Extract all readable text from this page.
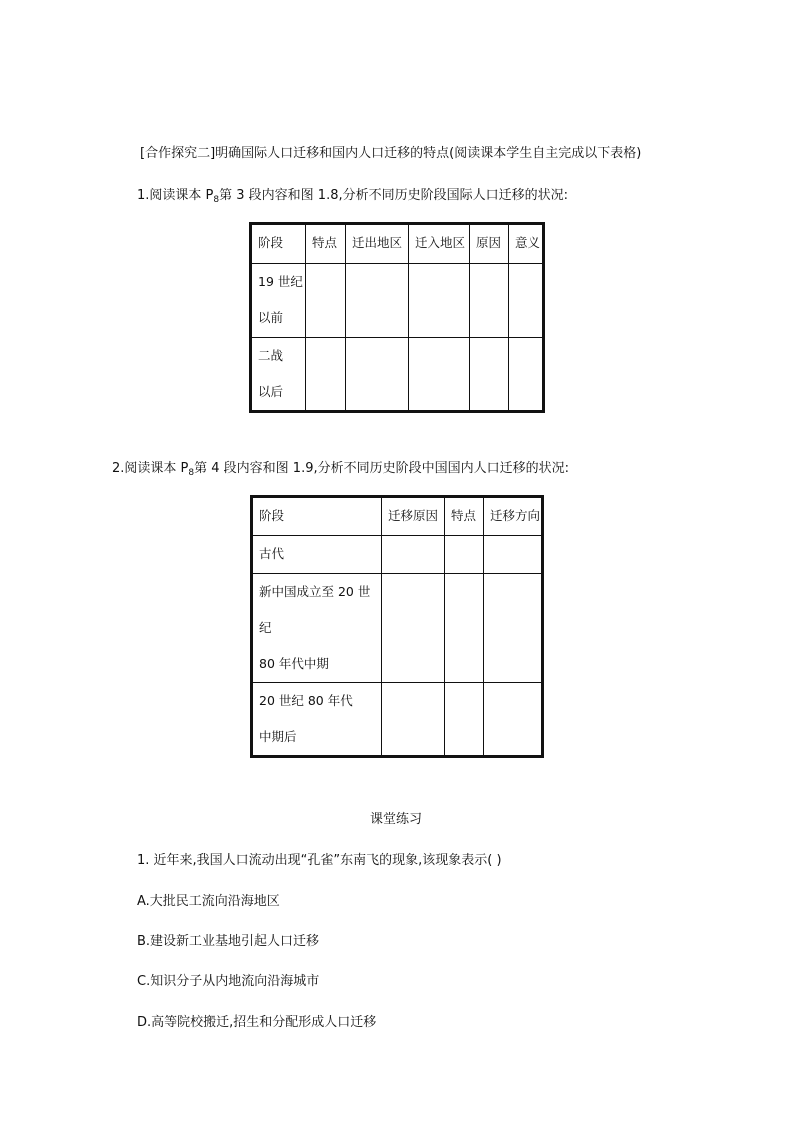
[合作探究二]明确国际人口迁移和国内人口迁移的特点(阅读课本学生自主完成以下表格)
1.阅读课本 $P_8$第 3 段内容和图 1.8,分析不同历史阶段国际人口迁移的状况:
阶段	特点	迁出地区	迁入地区	原因	意义

19 世纪
以前					

二战
以后					

2.阅读课本 $P_8$第 4 段内容和图 1.9,分析不同历史阶段中国国内人口迁移的状况:
阶段	迁移原因	特点	迁移方向

古代			

新中国成立至 20 世纪
80 年代中期			

20 世纪 80 年代
中期后			

课堂练习
1. 近年来,我国人口流动出现“孔雀”东南飞的现象,该现象表示( )
A.大批民工流向沿海地区
B.建设新工业基地引起人口迁移
C.知识分子从内地流向沿海城市
D.高等院校搬迁,招生和分配形成人口迁移
